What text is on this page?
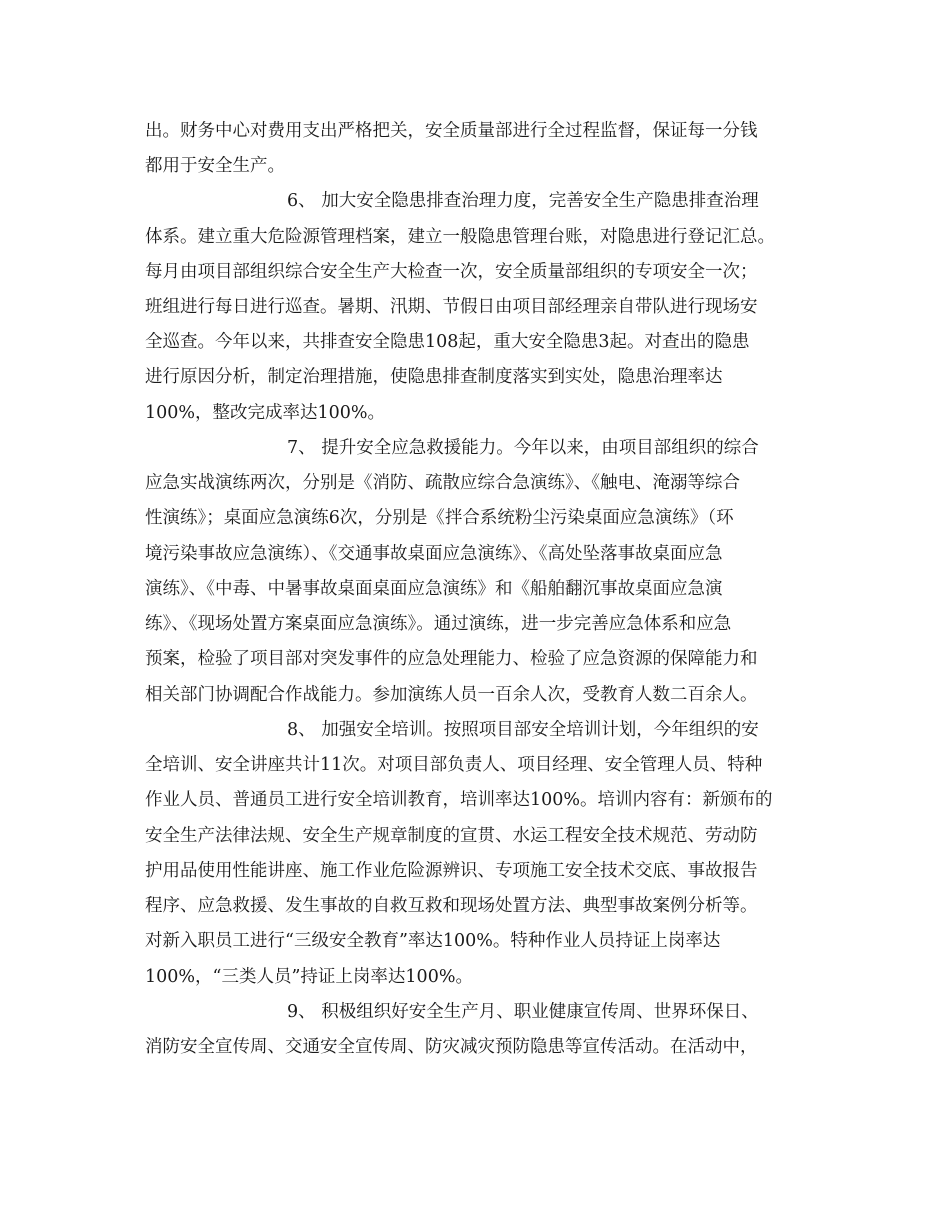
出。财务中心对费用支出严格把关，安全质量部进行全过程监督，保证每一分钱
都用于安全生产。
6、 加大安全隐患排查治理力度，完善安全生产隐患排查治理
体系。建立重大危险源管理档案，建立一般隐患管理台账，对隐患进行登记汇总。
每月由项目部组织综合安全生产大检查一次，安全质量部组织的专项安全一次；
班组进行每日进行巡查。暑期、汛期、节假日由项目部经理亲自带队进行现场安
全巡查。今年以来，共排查安全隐患108起，重大安全隐患3起。对查出的隐患
进行原因分析，制定治理措施，使隐患排查制度落实到实处，隐患治理率达
100%，整改完成率达100%。
7、 提升安全应急救援能力。今年以来，由项目部组织的综合
应急实战演练两次，分别是《消防、疏散应综合急演练》、《触电、淹溺等综合
性演练》；桌面应急演练6次，分别是《拌合系统粉尘污染桌面应急演练》（环
境污染事故应急演练）、《交通事故桌面应急演练》、《高处坠落事故桌面应急
演练》、《中毒、中暑事故桌面桌面应急演练》和《船舶翻沉事故桌面应急演
练》、《现场处置方案桌面应急演练》。通过演练，进一步完善应急体系和应急
预案，检验了项目部对突发事件的应急处理能力、检验了应急资源的保障能力和
相关部门协调配合作战能力。参加演练人员一百余人次，受教育人数二百余人。
8、 加强安全培训。按照项目部安全培训计划，今年组织的安
全培训、安全讲座共计11次。对项目部负责人、项目经理、安全管理人员、特种
作业人员、普通员工进行安全培训教育，培训率达100%。培训内容有：新颁布的
安全生产法律法规、安全生产规章制度的宣贯、水运工程安全技术规范、劳动防
护用品使用性能讲座、施工作业危险源辨识、专项施工安全技术交底、事故报告
程序、应急救援、发生事故的自救互救和现场处置方法、典型事故案例分析等。
对新入职员工进行“三级安全教育”率达100%。特种作业人员持证上岗率达
100%，“三类人员”持证上岗率达100%。
9、 积极组织好安全生产月、职业健康宣传周、世界环保日、
消防安全宣传周、交通安全宣传周、防灾减灾预防隐患等宣传活动。在活动中，
